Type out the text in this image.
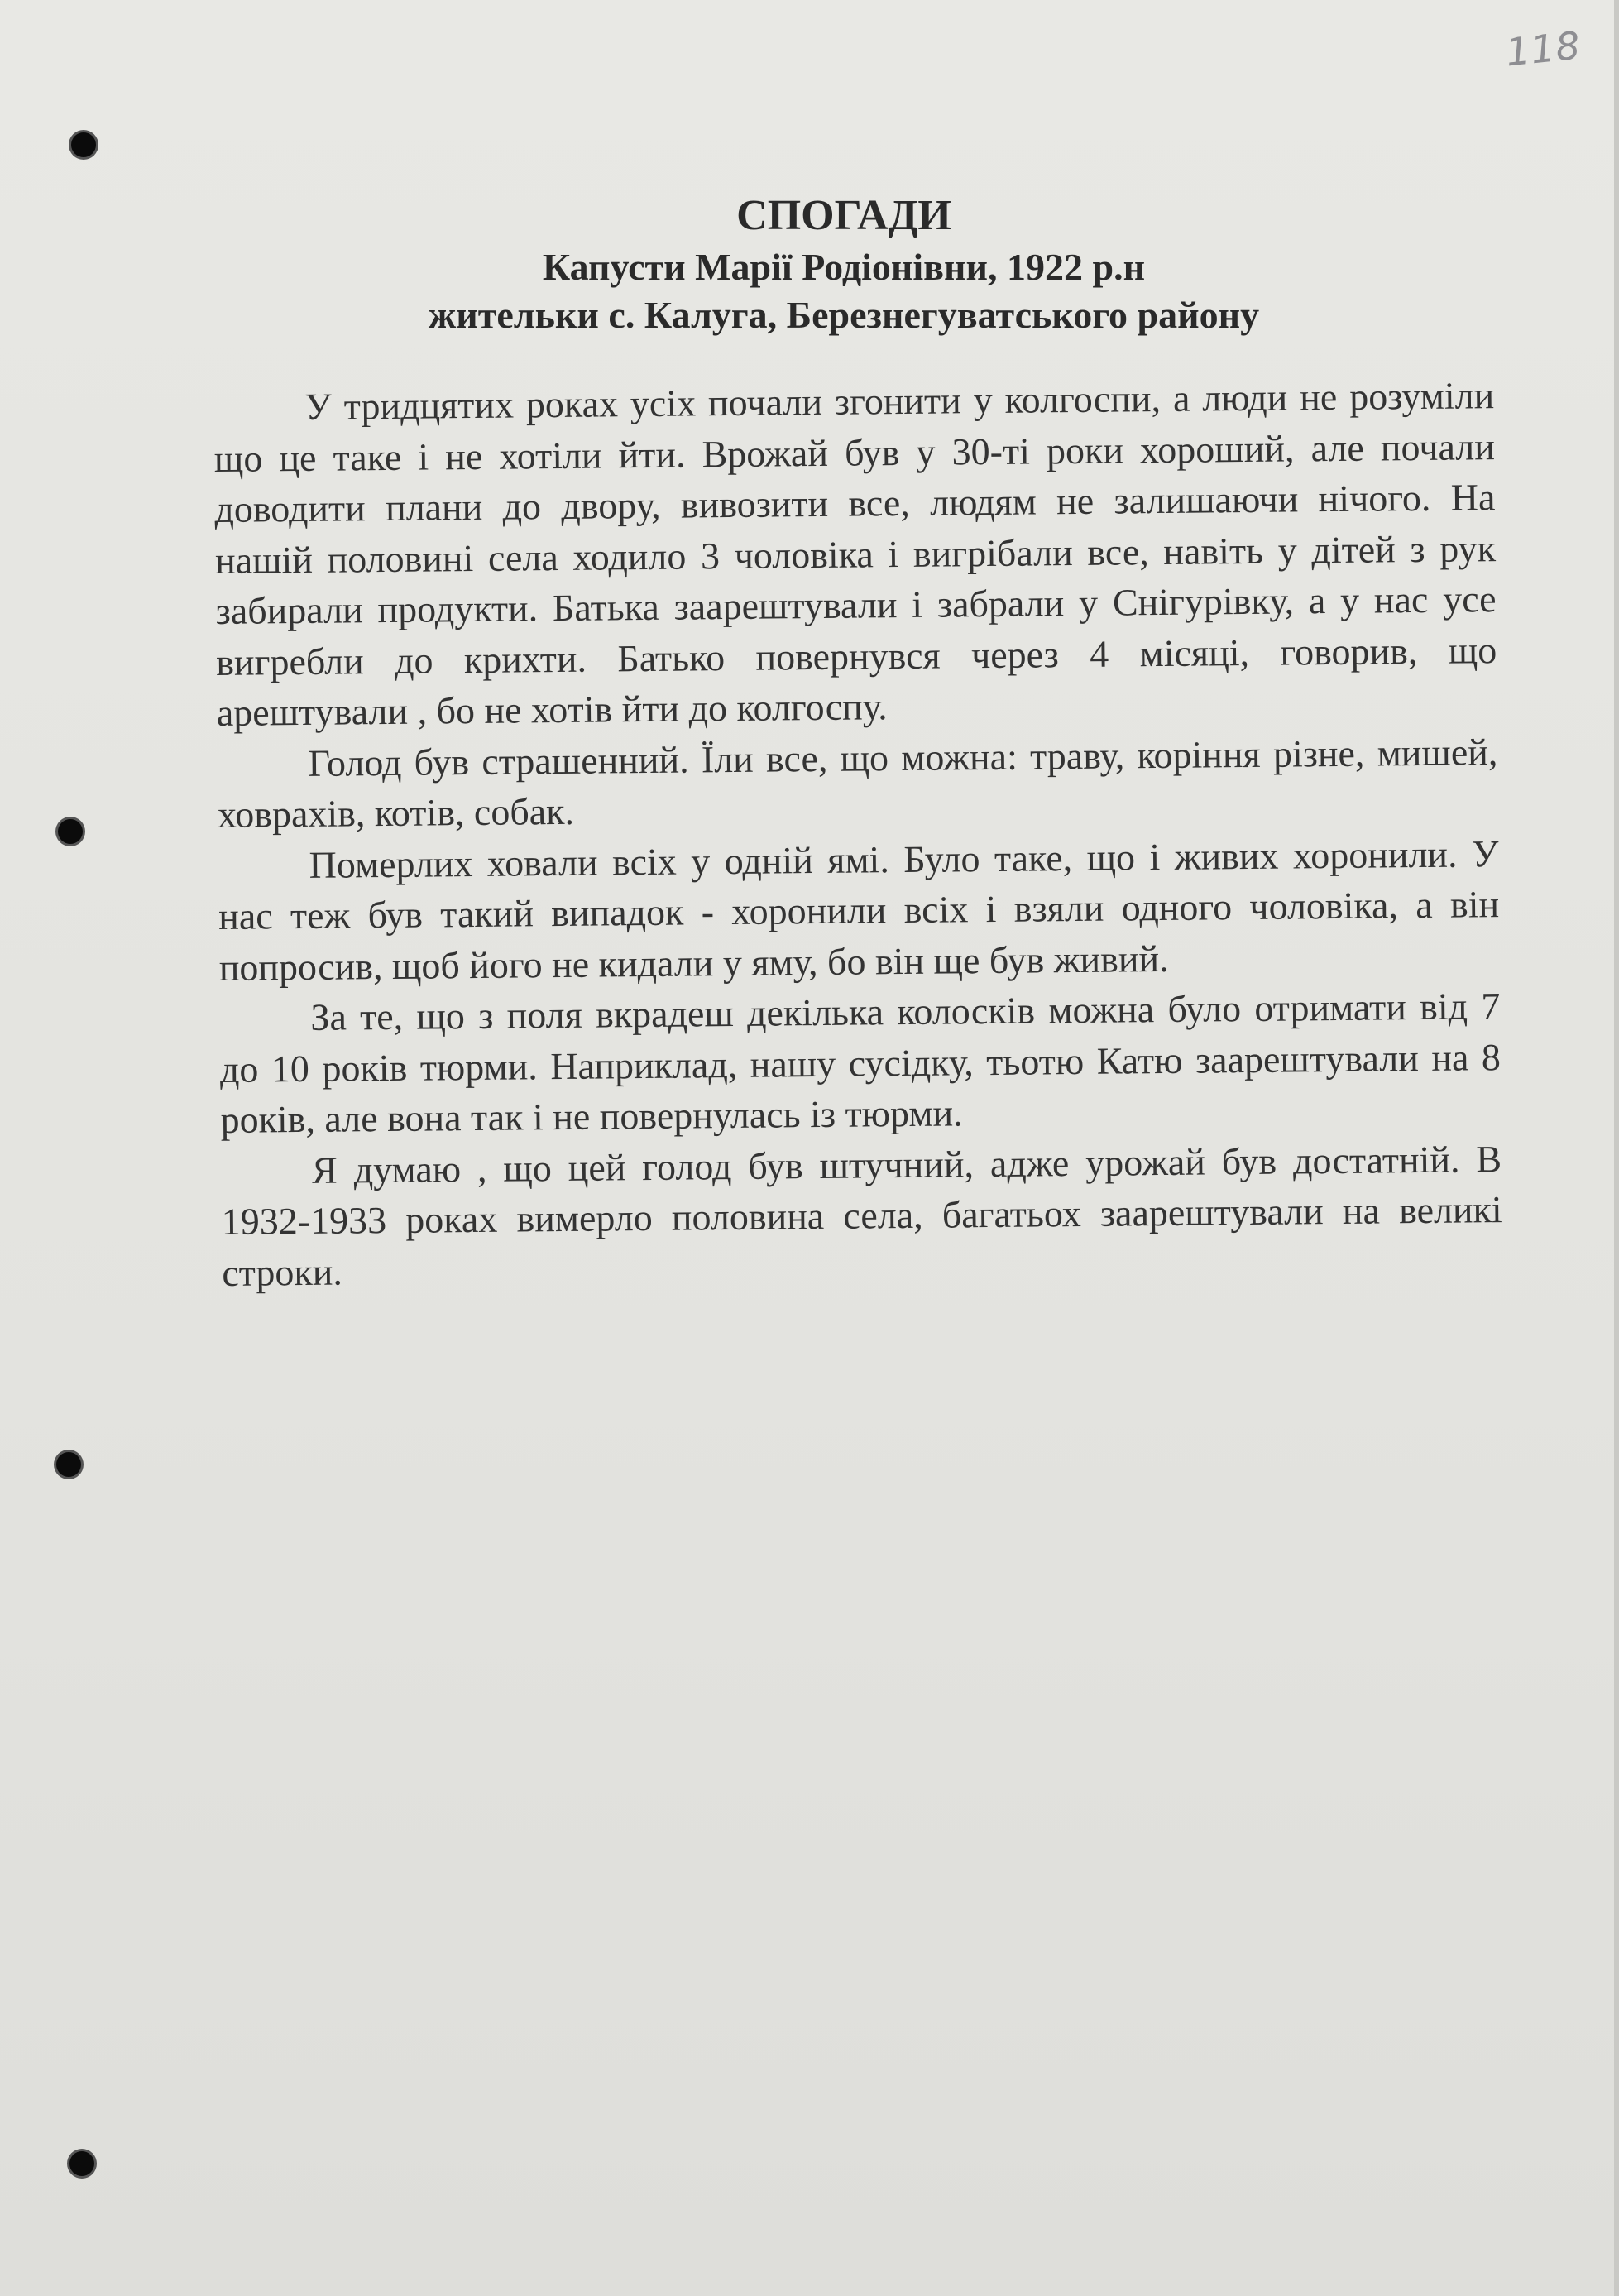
118
СПОГАДИ
Капусти Марії Родіонівни, 1922 р.н
жительки с. Калуга, Березнегуватського району

У тридцятих роках усіх почали згонити у колгоспи, а люди не розуміли що це таке і не хотіли йти. Врожай був у 30-ті роки хороший, але почали доводити плани до двору, вивозити все, людям не залишаючи нічого. На нашій половині села ходило 3 чоловіка і вигрібали все, навіть у дітей з рук забирали продукти. Батька заарештували і забрали у Снігурівку, а у нас усе вигребли до крихти. Батько повернувся через 4 місяці, говорив, що арештували , бо не хотів йти до колгоспу.

Голод був страшенний. Їли все, що можна: траву, коріння різне, мишей, ховрахів, котів, собак.

Померлих ховали всіх у одній ямі. Було таке, що і живих хоронили. У нас теж був такий випадок - хоронили всіх і взяли одного чоловіка, а він попросив, щоб його не кидали у яму, бо він ще був живий.

За те, що з поля вкрадеш декілька колосків можна було отримати від 7 до 10 років тюрми. Наприклад, нашу сусідку, тьотю Катю заарештували на 8 років, але вона так і не повернулась із тюрми.

Я думаю , що цей голод був штучний, адже урожай був достатній. В 1932-1933 роках вимерло половина села, багатьох заарештували на великі строки.
